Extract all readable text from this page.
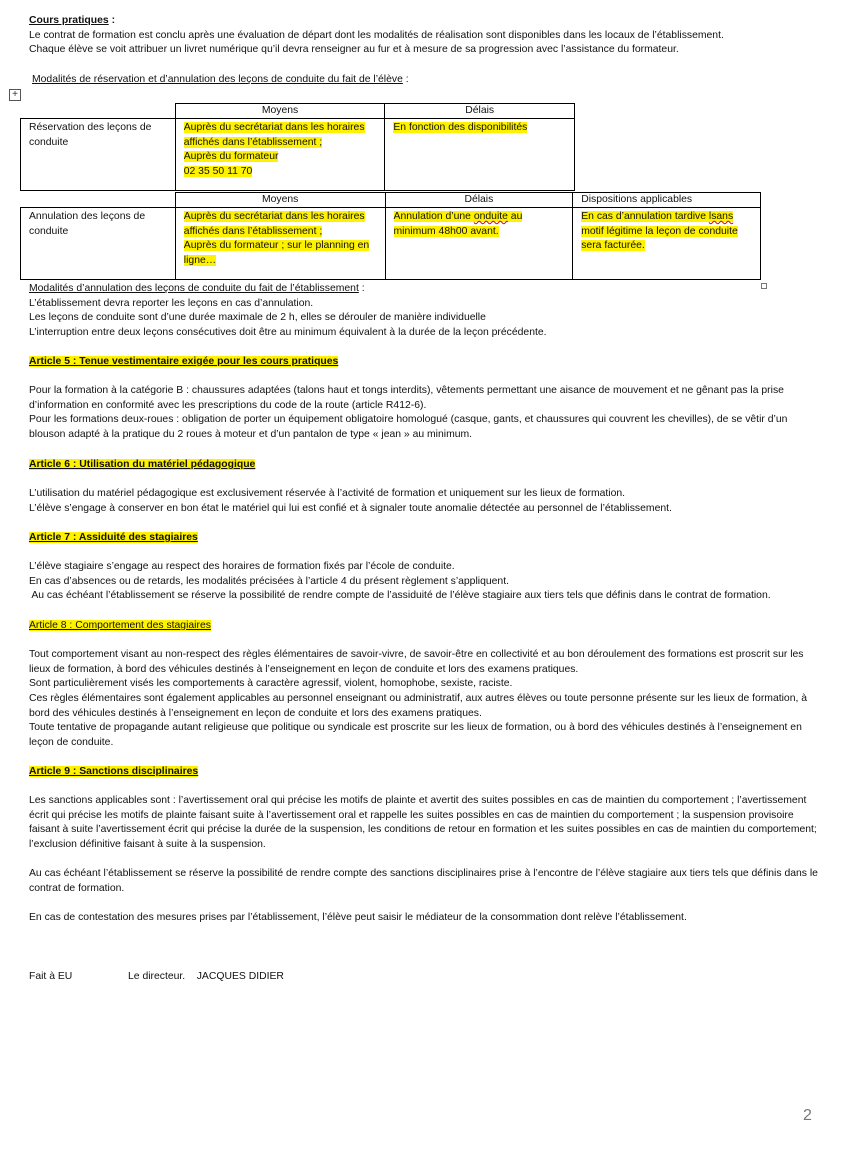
Cours pratiques :

Le contrat de formation est conclu après une évaluation de départ dont les modalités de réalisation sont disponibles dans les locaux de l’établissement.

Chaque élève se voit attribuer un livret numérique qu’il devra renseigner au fur et à mesure de sa progression avec l’assistance du formateur.

Modalités de réservation et d’annulation des leçons de conduite du fait de l’élève :
+
	Moyens	Délais
Réservation des leçons de conduite	Auprès du secrétariat dans les horaires affichés dans l’établissement ;
Auprès du formateur
02 35 50 11 70	En fonction des disponibilités
	Moyens	Délais	Dispositions applicables
Annulation des leçons de conduite	Auprès du secrétariat dans les horaires affichés dans l’établissement ;
Auprès du formateur ; sur le planning en ligne…	Annulation d’une onduite au minimum 48h00 avant.	En cas d’annulation tardive lsans motif légitime la leçon de conduite sera facturée.

Modalités d’annulation des leçons de conduite du fait de l’établissement :

L’établissement devra reporter les leçons en cas d’annulation.

Les leçons de conduite sont d’une durée maximale de 2 h, elles se dérouler de manière individuelle

L’interruption entre deux leçons consécutives doit être au minimum équivalent à la durée de la leçon précédente.

Article 5 : Tenue vestimentaire exigée pour les cours pratiques

Pour la formation à la catégorie B : chaussures adaptées (talons haut et tongs interdits), vêtements permettant une aisance de mouvement et ne gênant pas la prise d’information en conformité avec les prescriptions du code de la route (article R412-6).

Pour les formations deux-roues : obligation de porter un équipement obligatoire homologué (casque, gants, et chaussures qui couvrent les chevilles), de se vêtir d’un blouson adapté à la pratique du 2 roues à moteur et d’un pantalon de type « jean » au minimum.

Article 6 : Utilisation du matériel pédagogique

L’utilisation du matériel pédagogique est exclusivement réservée à l’activité de formation et uniquement sur les lieux de formation.

L’élève s’engage à conserver en bon état le matériel qui lui est confié et à signaler toute anomalie détectée au personnel de l’établissement.

Article 7 : Assiduité des stagiaires

L’élève stagiaire s’engage au respect des horaires de formation fixés par l’école de conduite.

En cas d’absences ou de retards, les modalités précisées à l’article 4 du présent règlement s’appliquent.

Au cas échéant l’établissement se réserve la possibilité de rendre compte de l’assiduité de l’élève stagiaire aux tiers tels que définis dans le contrat de formation.

Article 8 : Comportement des stagiaires

Tout comportement visant au non-respect des règles élémentaires de savoir-vivre, de savoir-être en collectivité et au bon déroulement des formations est proscrit sur les lieux de formation, à bord des véhicules destinés à l’enseignement en leçon de conduite et lors des examens pratiques.

Sont particulièrement visés les comportements à caractère agressif, violent, homophobe, sexiste, raciste.

Ces règles élémentaires sont également applicables au personnel enseignant ou administratif, aux autres élèves ou toute personne présente sur les lieux de formation, à bord des véhicules destinés à l’enseignement en leçon de conduite et lors des examens pratiques.

Toute tentative de propagande autant religieuse que politique ou syndicale est proscrite sur les lieux de formation, ou à bord des véhicules destinés à l’enseignement en leçon de conduite.

Article 9 : Sanctions disciplinaires

Les sanctions applicables sont : l’avertissement oral qui précise les motifs de plainte et avertit des suites possibles en cas de maintien du comportement ; l’avertissement écrit qui précise les motifs de plainte faisant suite à l’avertissement oral et rappelle les suites possibles en cas de maintien du comportement ; la suspension provisoire faisant à suite l’avertissement écrit qui précise la durée de la suspension, les conditions de retour en formation et les suites possibles en cas de maintien du comportement; l’exclusion définitive faisant à suite à la suspension.

Au cas échéant l’établissement se réserve la possibilité de rendre compte des sanctions disciplinaires prise à l’encontre de l’élève stagiaire aux tiers tels que définis dans le contrat de formation.

En cas de contestation des mesures prises par l’établissement, l’élève peut saisir le médiateur de la consommation dont relève l’établissement.

Fait à EU	Le directeur.    JACQUES DIDIER
2
